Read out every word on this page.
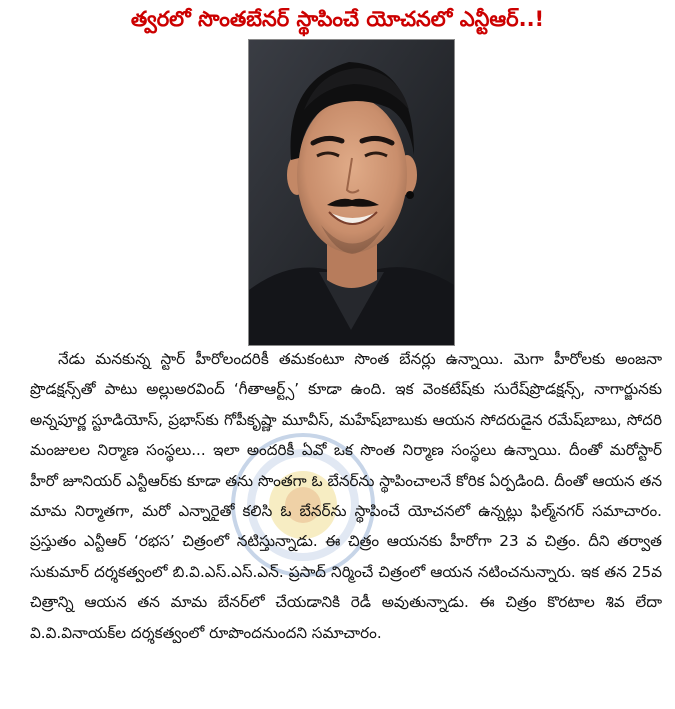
త్వరలో సొంతబేనర్ స్థాపించే యోచనలో ఎన్టీఆర్..!

నేడు మనకున్న స్టార్ హీరోలందరికీ తమకంటూ సొంత బేనర్లు ఉన్నాయి. మెగా హీరోలకు అంజనా ప్రొడక్షన్స్‌తో పాటు అల్లుఅరవింద్ ‘గీతాఆర్ట్స్’ కూడా ఉంది. ఇక వెంకటేష్‌కు సురేష్‌ప్రొడక్షన్స్, నాగార్జునకు అన్నపూర్ణ స్టూడియోస్, ప్రభాస్‌కు గోపీకృష్ణా మూవీస్, మహేష్‌బాబుకు ఆయన సోదరుడైన రమేష్‌బాబు, సోదరి మంజుల‌ల నిర్మాణ సంస్థలు... ఇలా అందరికీ ఏవో ఒక సొంత నిర్మాణ సంస్థలు ఉన్నాయి. దీంతో మరోస్టార్ హీరో జూనియర్ ఎన్టీఆర్‌కు కూడా తను సొంతగా ఓ బేనర్‌ను స్థాపించాలనే కోరిక ఏర్పడింది. దీంతో ఆయన తన మామ నిర్మాతగా, మరో ఎన్నారైతో కలిసి ఓ బేనర్‌ను స్థాపించే యోచనలో ఉన్నట్లు ఫిల్మ్‌నగర్ సమాచారం. ప్రస్తుతం ఎన్టీఆర్ ‘రభస’ చిత్రంలో నటిస్తున్నాడు. ఈ చిత్రం ఆయనకు హీరోగా 23 వ చిత్రం. దీని తర్వాత సుకుమార్ దర్శకత్వంలో బి.వి.ఎస్.ఎస్.ఎన్. ప్రసాద్ నిర్మించే చిత్రంలో ఆయన నటించనున్నారు. ఇక తన 25వ చిత్రాన్ని ఆయన తన మామ బేనర్‌లో చేయడానికి రెడీ అవుతున్నాడు. ఈ చిత్రం కొరటాల శివ లేదా వి.వి.వినాయక్‌ల దర్శకత్వంలో రూపొందనుందని సమాచారం.
